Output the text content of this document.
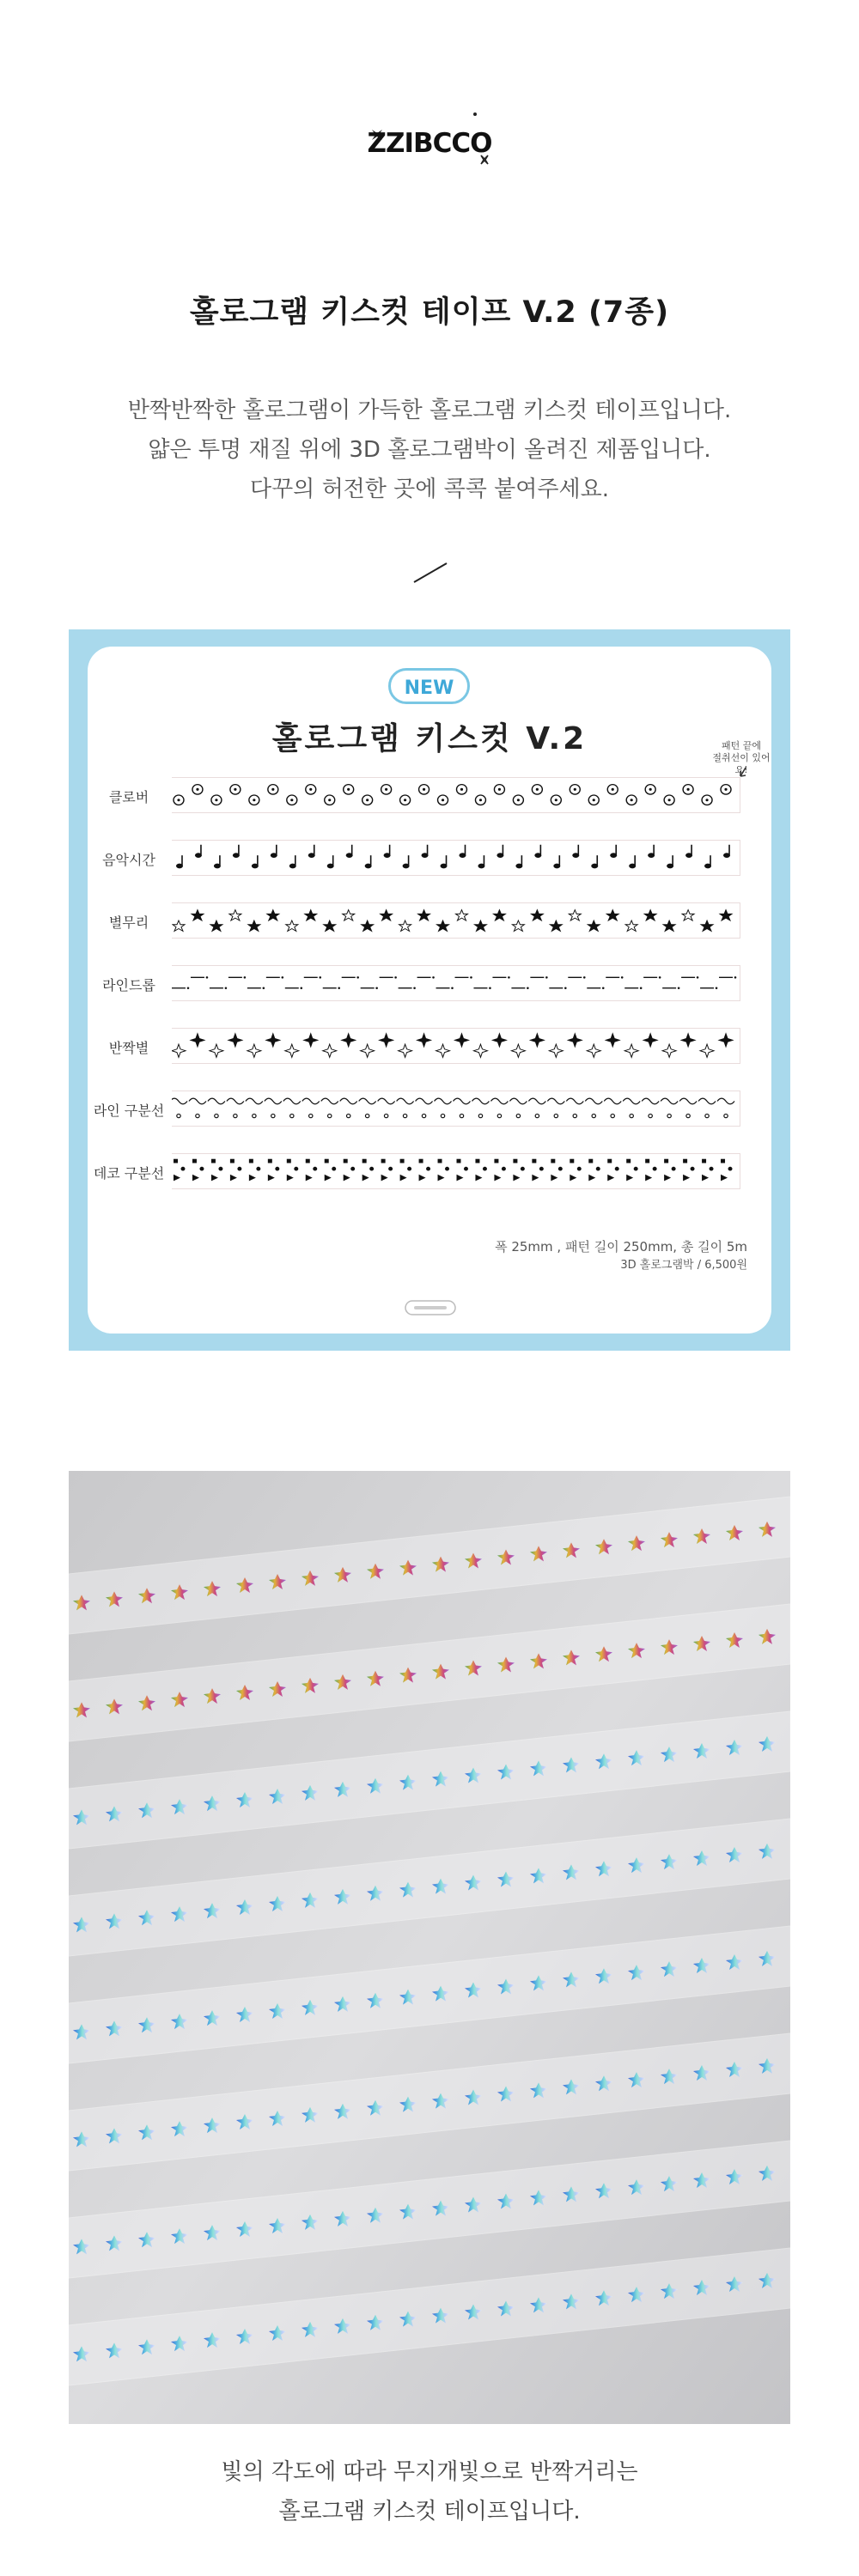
ZZIBCCO
홀로그램 키스컷 테이프 V.2 (7종)
반짝반짝한 홀로그램이 가득한 홀로그램 키스컷 테이프입니다.
얇은 투명 재질 위에 3D 홀로그램박이 올려진 제품입니다.
다꾸의 허전한 곳에 콕콕 붙여주세요.
NEW
홀로그램 키스컷 V.2	패턴 끝에
절취선이 있어요!
클로버
음악시간
별무리
라인드롭
반짝별
라인 구분선
데코 구분선
폭 25mm , 패턴 길이 250mm, 총 길이 5m
3D 홀로그램박 / 6,500원
빛의 각도에 따라 무지개빛으로 반짝거리는
홀로그램 키스컷 테이프입니다.
